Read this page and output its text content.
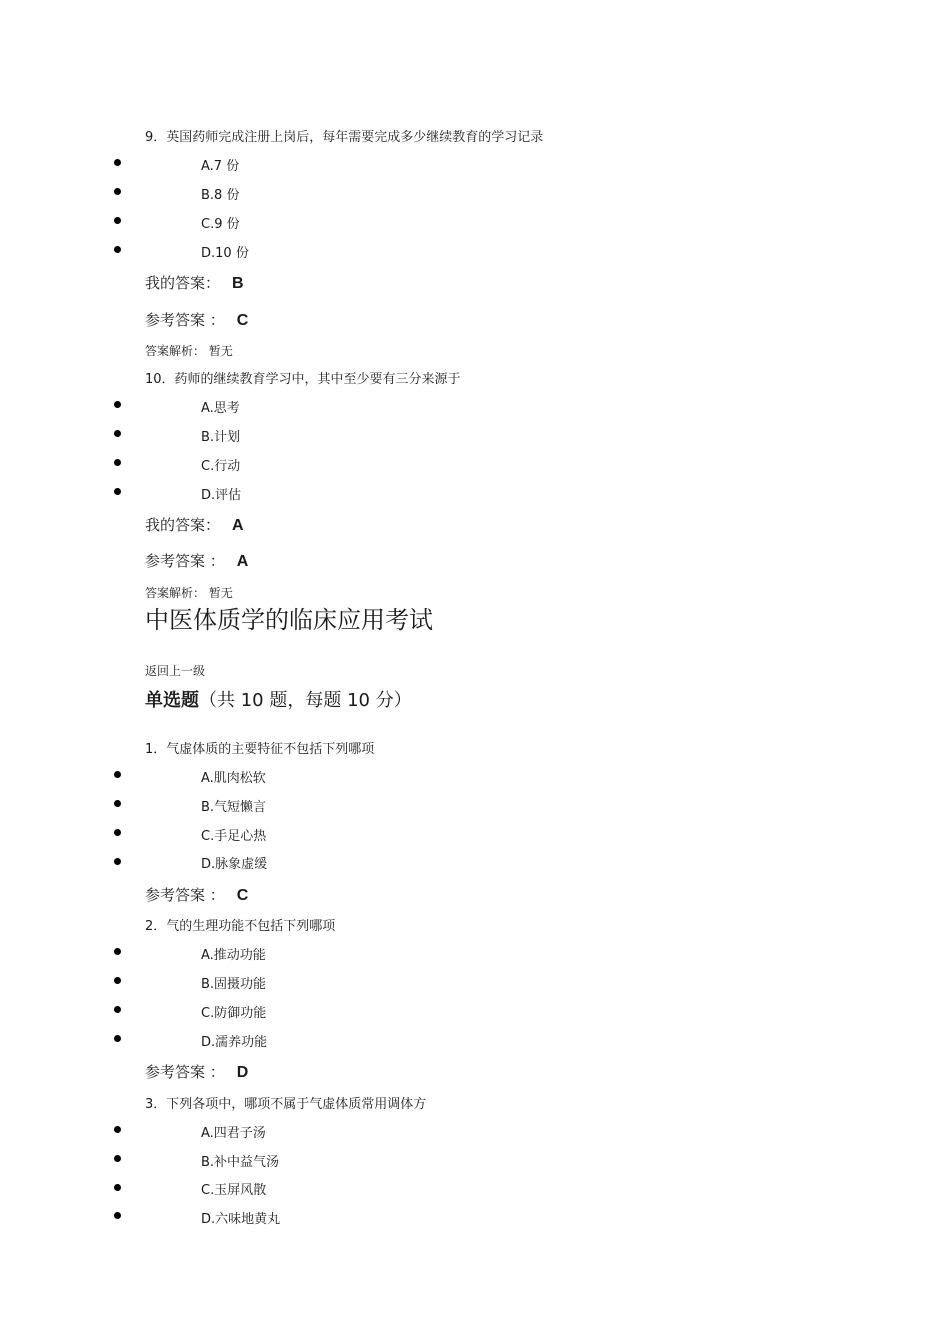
9．英国药师完成注册上岗后，每年需要完成多少继续教育的学习记录
A.7 份
B.8 份
C.9 份
D.10 份
我的答案： B
参考答案 ： C
答案解析： 暂无
10．药师的继续教育学习中，其中至少要有三分来源于
A.思考
B.计划
C.行动
D.评估
我的答案： A
参考答案 ： A
答案解析： 暂无
中医体质学的临床应用考试
返回上一级
单选题（共 10 题，每题 10 分）
1．气虚体质的主要特征不包括下列哪项
A.肌肉松软
B.气短懒言
C.手足心热
D.脉象虚缓
参考答案 ： C
2．气的生理功能不包括下列哪项
A.推动功能
B.固摄功能
C.防御功能
D.濡养功能
参考答案 ： D
3．下列各项中，哪项不属于气虚体质常用调体方
A.四君子汤
B.补中益气汤
C.玉屏风散
D.六味地黄丸
